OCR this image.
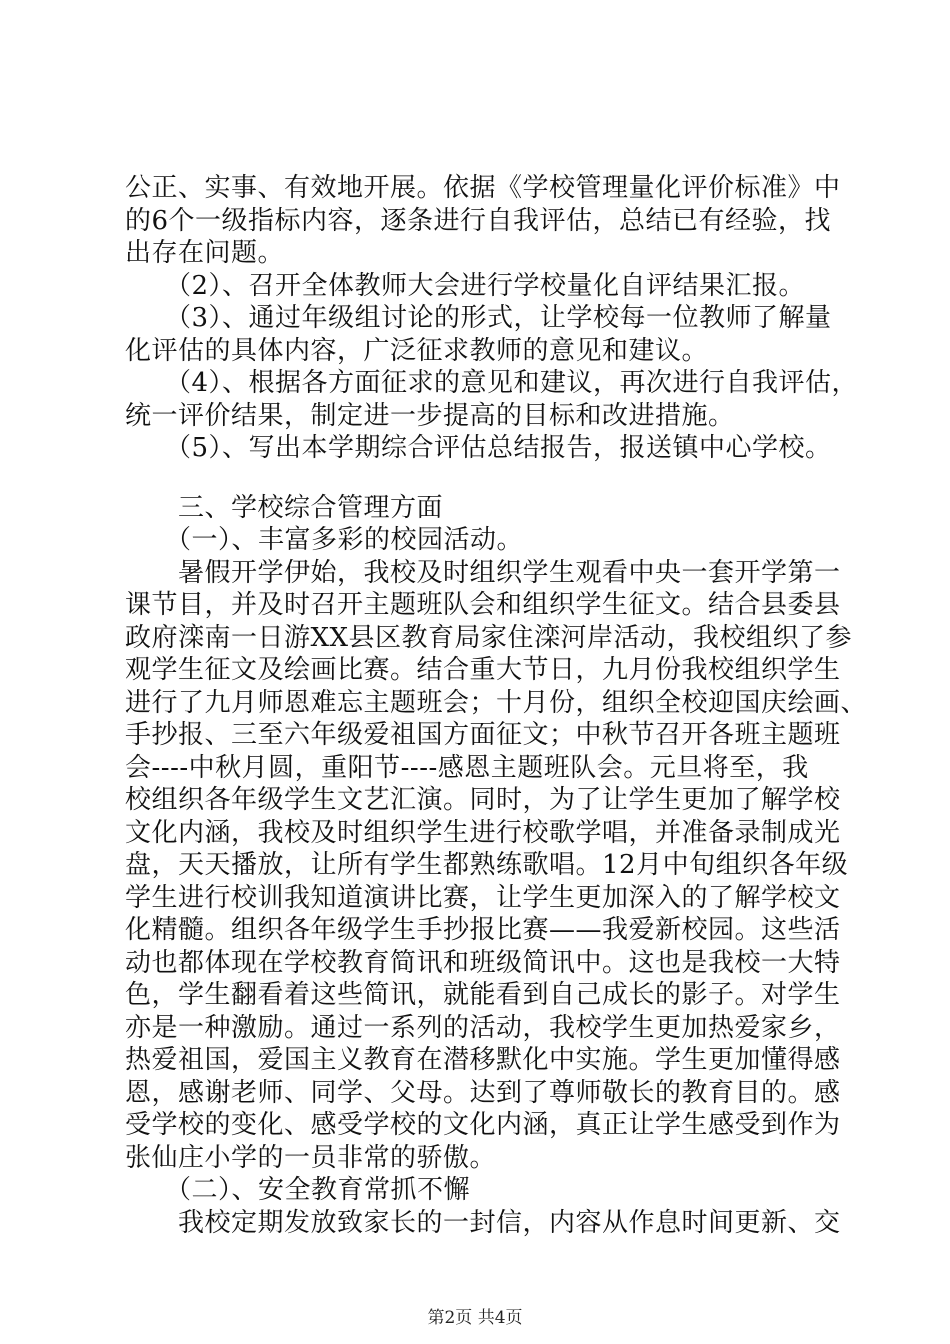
公正、实事、有效地开展。依据《学校管理量化评价标准》中
的6个一级指标内容，逐条进行自我评估，总结已有经验，找
出存在问题。
　　（2）、召开全体教师大会进行学校量化自评结果汇报。
　　（3）、通过年级组讨论的形式，让学校每一位教师了解量
化评估的具体内容，广泛征求教师的意见和建议。
　　（4）、根据各方面征求的意见和建议，再次进行自我评估，
统一评价结果，制定进一步提高的目标和改进措施。
　　（5）、写出本学期综合评估总结报告，报送镇中心学校。
　　三、学校综合管理方面
　　（一）、丰富多彩的校园活动。
　　暑假开学伊始，我校及时组织学生观看中央一套开学第一
课节目，并及时召开主题班队会和组织学生征文。结合县委县
政府滦南一日游XX县区教育局家住滦河岸活动，我校组织了参
观学生征文及绘画比赛。结合重大节日，九月份我校组织学生
进行了九月师恩难忘主题班会；十月份，组织全校迎国庆绘画、
手抄报、三至六年级爱祖国方面征文；中秋节召开各班主题班
会----中秋月圆，重阳节----感恩主题班队会。元旦将至，我
校组织各年级学生文艺汇演。同时，为了让学生更加了解学校
文化内涵，我校及时组织学生进行校歌学唱，并准备录制成光
盘，天天播放，让所有学生都熟练歌唱。12月中旬组织各年级
学生进行校训我知道演讲比赛，让学生更加深入的了解学校文
化精髓。组织各年级学生手抄报比赛——我爱新校园。这些活
动也都体现在学校教育简讯和班级简讯中。这也是我校一大特
色，学生翻看着这些简讯，就能看到自己成长的影子。对学生
亦是一种激励。通过一系列的活动，我校学生更加热爱家乡，
热爱祖国，爱国主义教育在潜移默化中实施。学生更加懂得感
恩，感谢老师、同学、父母。达到了尊师敬长的教育目的。感
受学校的变化、感受学校的文化内涵，真正让学生感受到作为
张仙庄小学的一员非常的骄傲。
　　（二）、安全教育常抓不懈
　　我校定期发放致家长的一封信，内容从作息时间更新、交
第2页 共4页
